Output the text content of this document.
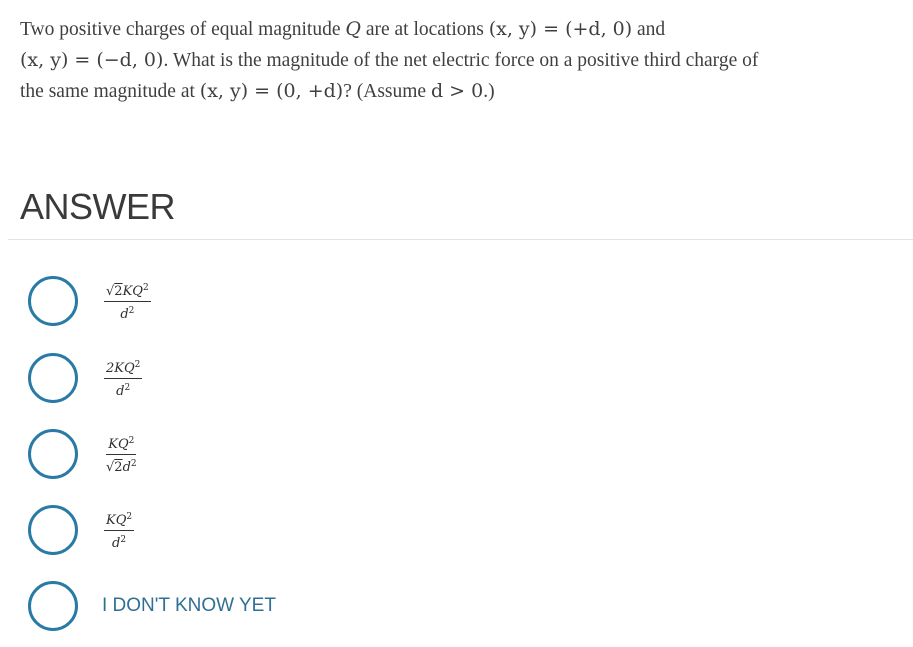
Two positive charges of equal magnitude Q are at locations (x, y) = (+d, 0) and
(x, y) = (−d, 0). What is the magnitude of the net electric force on a positive third charge of
the same magnitude at (x, y) = (0, +d)? (Assume d > 0.)
ANSWER
$\frac{√2KQ^2}{d^2}$
$\frac{2KQ^2}{d^2}$
$\frac{KQ^2}{√2d^2}$
$\frac{KQ^2}{d^2}$
I DON'T KNOW YET
